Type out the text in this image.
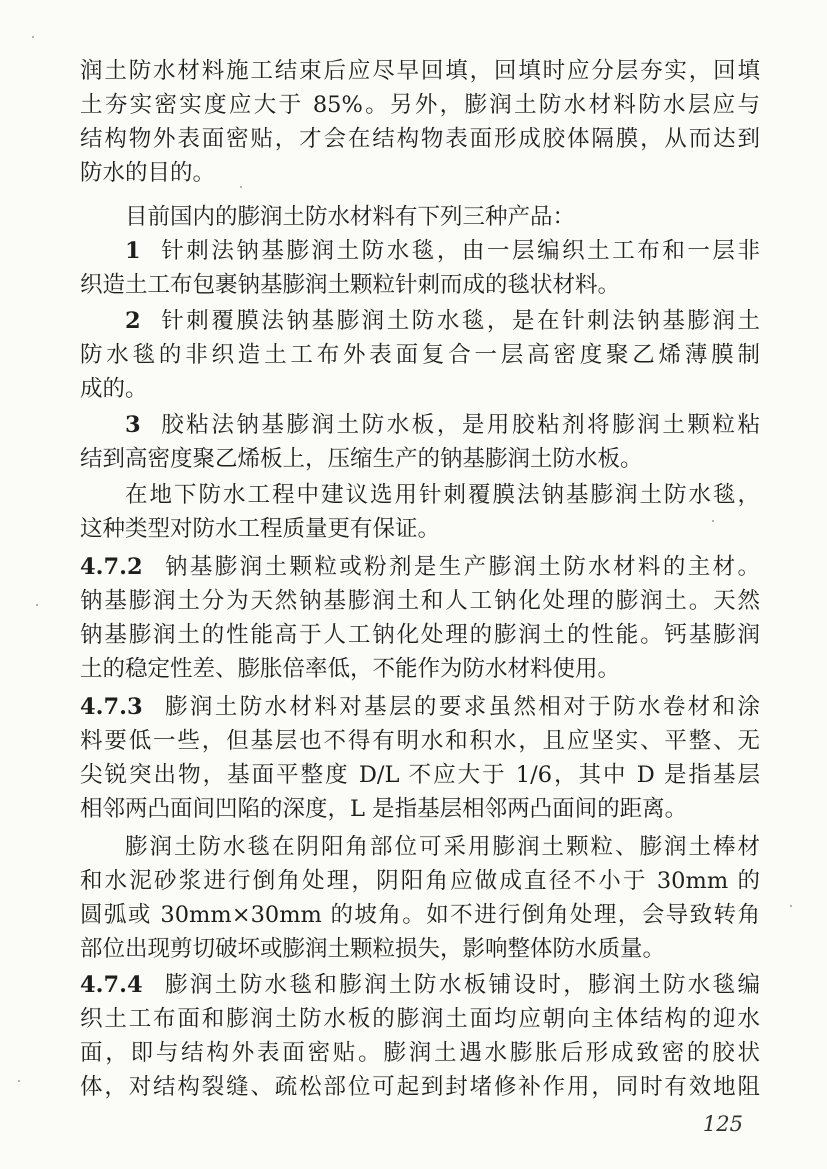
润土防水材料施工结束后应尽早回填，回填时应分层夯实，回填
土夯实密实度应大于 85%。另外，膨润土防水材料防水层应与
结构物外表面密贴，才会在结构物表面形成胶体隔膜，从而达到
防水的目的。
目前国内的膨润土防水材料有下列三种产品：
1 针刺法钠基膨润土防水毯，由一层编织土工布和一层非
织造土工布包裹钠基膨润土颗粒针刺而成的毯状材料。
2 针刺覆膜法钠基膨润土防水毯，是在针刺法钠基膨润土
防水毯的非织造土工布外表面复合一层高密度聚乙烯薄膜制
成的。
3 胶粘法钠基膨润土防水板，是用胶粘剂将膨润土颗粒粘
结到高密度聚乙烯板上，压缩生产的钠基膨润土防水板。
在地下防水工程中建议选用针刺覆膜法钠基膨润土防水毯，
这种类型对防水工程质量更有保证。
4.7.2 钠基膨润土颗粒或粉剂是生产膨润土防水材料的主材。
钠基膨润土分为天然钠基膨润土和人工钠化处理的膨润土。天然
钠基膨润土的性能高于人工钠化处理的膨润土的性能。钙基膨润
土的稳定性差、膨胀倍率低，不能作为防水材料使用。
4.7.3 膨润土防水材料对基层的要求虽然相对于防水卷材和涂
料要低一些，但基层也不得有明水和积水，且应坚实、平整、无
尖锐突出物，基面平整度 D/L 不应大于 1/6，其中 D 是指基层
相邻两凸面间凹陷的深度，L 是指基层相邻两凸面间的距离。
膨润土防水毯在阴阳角部位可采用膨润土颗粒、膨润土棒材
和水泥砂浆进行倒角处理，阴阳角应做成直径不小于 30mm 的
圆弧或 30mm×30mm 的坡角。如不进行倒角处理，会导致转角
部位出现剪切破坏或膨润土颗粒损失，影响整体防水质量。
4.7.4 膨润土防水毯和膨润土防水板铺设时，膨润土防水毯编
织土工布面和膨润土防水板的膨润土面均应朝向主体结构的迎水
面，即与结构外表面密贴。膨润土遇水膨胀后形成致密的胶状
体，对结构裂缝、疏松部位可起到封堵修补作用，同时有效地阻
125
